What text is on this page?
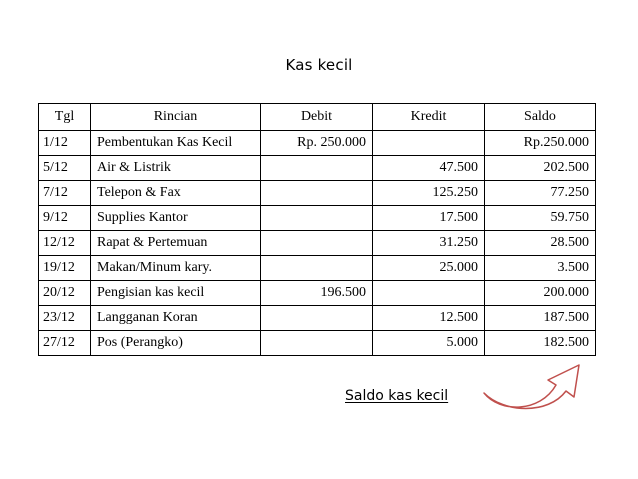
Kas kecil
Tgl	Rincian	Debit	Kredit	Saldo
1/12	Pembentukan Kas Kecil	Rp. 250.000		Rp.250.000
5/12	Air & Listrik		47.500	202.500
7/12	Telepon & Fax		125.250	77.250
9/12	Supplies Kantor		17.500	59.750
12/12	Rapat & Pertemuan		31.250	28.500
19/12	Makan/Minum kary.		25.000	3.500
20/12	Pengisian kas kecil	196.500		200.000
23/12	Langganan Koran		12.500	187.500
27/12	Pos (Perangko)		5.000	182.500
Saldo kas kecil
